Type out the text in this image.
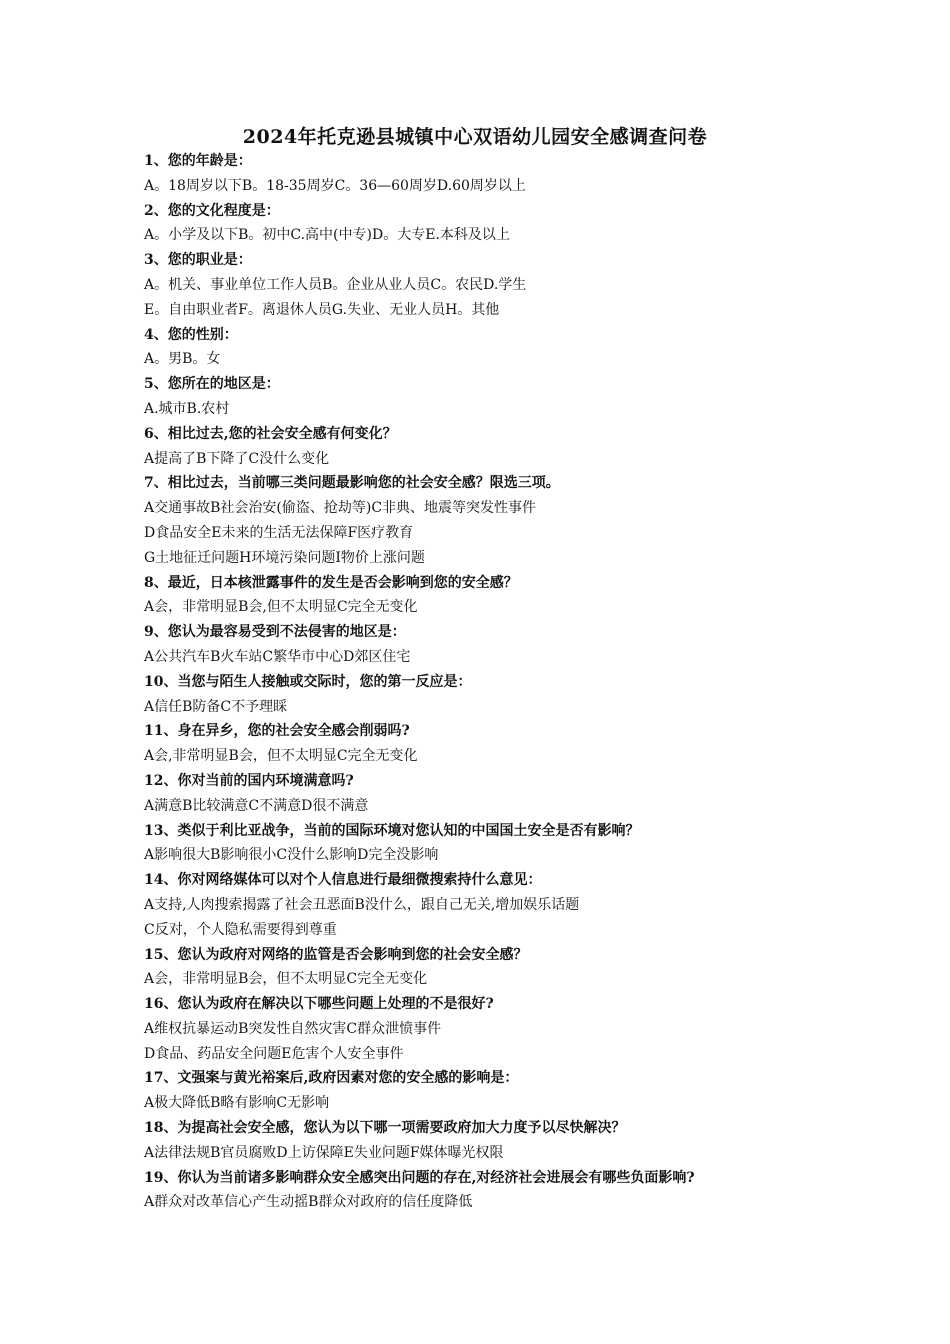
2024年托克逊县城镇中心双语幼儿园安全感调查问卷
1、您的年龄是：
A。18周岁以下B。18-35周岁C。36—60周岁D.60周岁以上
2、您的文化程度是：
A。小学及以下B。初中C.高中(中专)D。大专E.本科及以上
3、您的职业是：
A。机关、事业单位工作人员B。企业从业人员C。农民D.学生
E。自由职业者F。离退休人员G.失业、无业人员H。其他
4、您的性别：
A。男B。女
5、您所在的地区是：
A.城市B.农村
6、相比过去,您的社会安全感有何变化？
A提高了B下降了C没什么变化
7、相比过去，当前哪三类问题最影响您的社会安全感？限选三项。
A交通事故B社会治安(偷盗、抢劫等)C非典、地震等突发性事件
D食品安全E未来的生活无法保障F医疗教育
G土地征迁问题H环境污染问题I物价上涨问题
8、最近，日本核泄露事件的发生是否会影响到您的安全感？
A会，非常明显B会,但不太明显C完全无变化
9、您认为最容易受到不法侵害的地区是：
A公共汽车B火车站C繁华市中心D郊区住宅
10、当您与陌生人接触或交际时，您的第一反应是：
A信任B防备C不予理睬
11、身在异乡，您的社会安全感会削弱吗?
A会,非常明显B会，但不太明显C完全无变化
12、你对当前的国内环境满意吗?
A满意B比较满意C不满意D很不满意
13、类似于利比亚战争，当前的国际环境对您认知的中国国土安全是否有影响？
A影响很大B影响很小C没什么影响D完全没影响
14、你对网络媒体可以对个人信息进行最细微搜索持什么意见：
A支持,人肉搜索揭露了社会丑恶面B没什么，跟自己无关,增加娱乐话题
C反对，个人隐私需要得到尊重
15、您认为政府对网络的监管是否会影响到您的社会安全感？
A会，非常明显B会，但不太明显C完全无变化
16、您认为政府在解决以下哪些问题上处理的不是很好?
A维权抗暴运动B突发性自然灾害C群众泄愤事件
D食品、药品安全问题E危害个人安全事件
17、文强案与黄光裕案后,政府因素对您的安全感的影响是：
A极大降低B略有影响C无影响
18、为提高社会安全感，您认为以下哪一项需要政府加大力度予以尽快解决？
A法律法规B官员腐败D上访保障E失业问题F媒体曝光权限
19、你认为当前诸多影响群众安全感突出问题的存在,对经济社会进展会有哪些负面影响?
A群众对改革信心产生动摇B群众对政府的信任度降低
